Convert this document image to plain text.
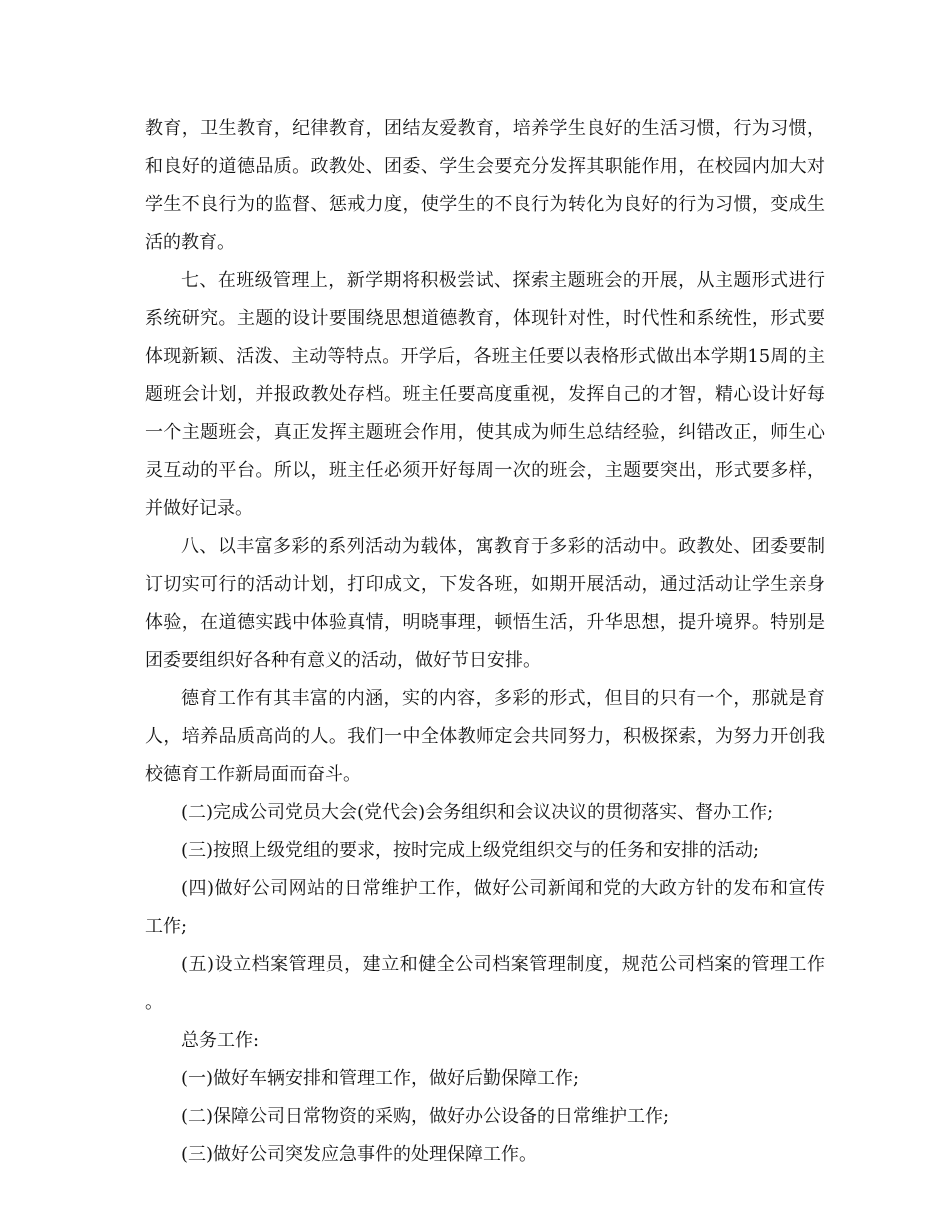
教育，卫生教育，纪律教育，团结友爱教育，培养学生良好的生活习惯，行为习惯，和良好的道德品质。政教处、团委、学生会要充分发挥其职能作用，在校园内加大对学生不良行为的监督、惩戒力度，使学生的不良行为转化为良好的行为习惯，变成生活的教育。

七、在班级管理上，新学期将积极尝试、探索主题班会的开展，从主题形式进行系统研究。主题的设计要围绕思想道德教育，体现针对性，时代性和系统性，形式要体现新颖、活泼、主动等特点。开学后，各班主任要以表格形式做出本学期15周的主题班会计划，并报政教处存档。班主任要高度重视，发挥自己的才智，精心设计好每一个主题班会，真正发挥主题班会作用，使其成为师生总结经验，纠错改正，师生心灵互动的平台。所以，班主任必须开好每周一次的班会，主题要突出，形式要多样，并做好记录。

八、以丰富多彩的系列活动为载体，寓教育于多彩的活动中。政教处、团委要制订切实可行的活动计划，打印成文，下发各班，如期开展活动，通过活动让学生亲身体验，在道德实践中体验真情，明晓事理，顿悟生活，升华思想，提升境界。特别是团委要组织好各种有意义的活动，做好节日安排。

德育工作有其丰富的内涵，实的内容，多彩的形式，但目的只有一个，那就是育人，培养品质高尚的人。我们一中全体教师定会共同努力，积极探索，为努力开创我校德育工作新局面而奋斗。

(二)完成公司党员大会(党代会)会务组织和会议决议的贯彻落实、督办工作;

(三)按照上级党组的要求，按时完成上级党组织交与的任务和安排的活动;

(四)做好公司网站的日常维护工作，做好公司新闻和党的大政方针的发布和宣传工作;

(五)设立档案管理员，建立和健全公司档案管理制度，规范公司档案的管理工作。

总务工作:

(一)做好车辆安排和管理工作，做好后勤保障工作;

(二)保障公司日常物资的采购，做好办公设备的日常维护工作;

(三)做好公司突发应急事件的处理保障工作。
